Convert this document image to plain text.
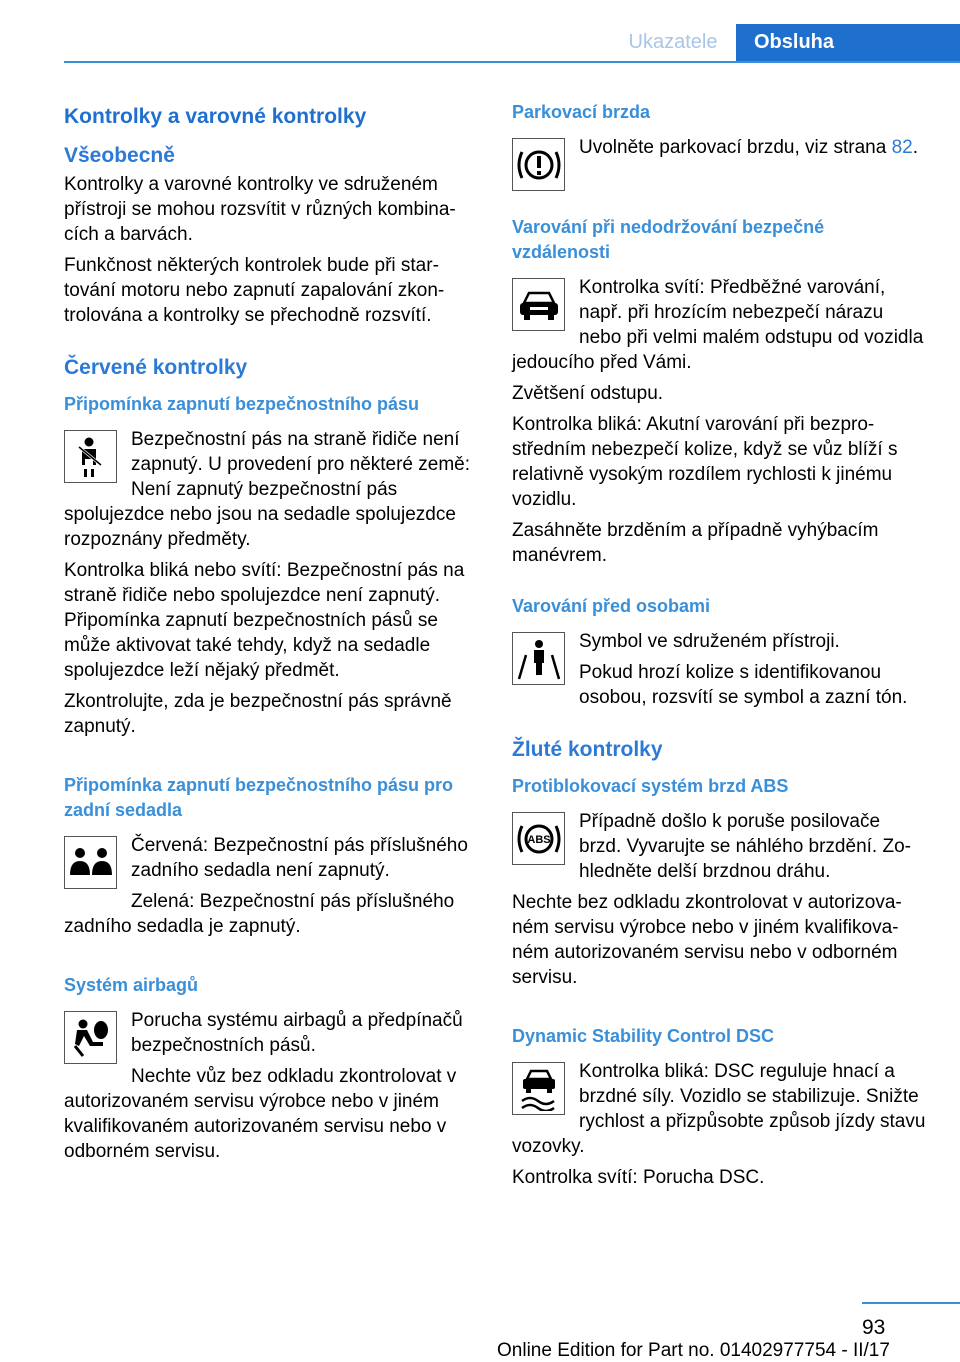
Ukazatele	Obsluha
Kontrolky a varovné kontrolky
Všeobecně

Kontrolky a varovné kontrolky ve sdruženém přístroji se mohou rozsvítit v různých kombinacích a barvách.

Funkčnost některých kontrolek bude při startování motoru nebo zapnutí zapalování zkontrolována a kontrolky se přechodně rozsvítí.

Červené kontrolky
Připomínka zapnutí bezpečnostního pásu

Bezpečnostní pás na straně řidiče není zapnutý. U provedení pro některé země: Není zapnutý bezpečnostní pás spolujezdce nebo jsou na sedadle spolujezdce rozpoznány předměty.

Kontrolka bliká nebo svítí: Bezpečnostní pás na straně řidiče nebo spolujezdce není zapnutý. Připomínka zapnutí bezpečnostních pásů se může aktivovat také tehdy, když na sedadle spolujezdce leží nějaký předmět.

Zkontrolujte, zda je bezpečnostní pás správně zapnutý.

Připomínka zapnutí bezpečnostního pásu pro zadní sedadla

Červená: Bezpečnostní pás příslušného zadního sedadla není zapnutý.

Zelená: Bezpečnostní pás příslušného zadního sedadla je zapnutý.

Systém airbagů

Porucha systému airbagů a předpínačů bezpečnostních pásů.

Nechte vůz bez odkladu zkontrolovat v autorizovaném servisu výrobce nebo v jiném kvalifikovaném autorizovaném servisu nebo v odborném servisu.

Parkovací brzda

Uvolněte parkovací brzdu, viz strana 82.

Varování při nedodržování bezpečné vzdálenosti

Kontrolka svítí: Předběžné varování, např. při hrozícím nebezpečí nárazu nebo při velmi malém odstupu od vozidla jedoucího před Vámi.

Zvětšení odstupu.

Kontrolka bliká: Akutní varování při bezprostředním nebezpečí kolize, když se vůz blíží s relativně vysokým rozdílem rychlosti k jinému vozidlu.

Zasáhněte brzděním a případně vyhýbacím manévrem.

Varování před osobami

Symbol ve sdruženém přístroji.

Pokud hrozí kolize s identifikovanou osobou, rozsvítí se symbol a zazní tón.

Žluté kontrolky
Protiblokovací systém brzd ABS
ABS

Případně došlo k poruše posilovače brzd. Vyvarujte se náhlého brzdění. Zohledněte delší brzdnou dráhu.

Nechte bez odkladu zkontrolovat v autorizovaném servisu výrobce nebo v jiném kvalifikovaném autorizovaném servisu nebo v odborném servisu.

Dynamic Stability Control DSC

Kontrolka bliká: DSC reguluje hnací a brzdné síly. Vozidlo se stabilizuje. Snižte rychlost a přizpůsobte způsob jízdy stavu vozovky.

Kontrolka svítí: Porucha DSC.

93
Online Edition for Part no. 01402977754 - II/17
